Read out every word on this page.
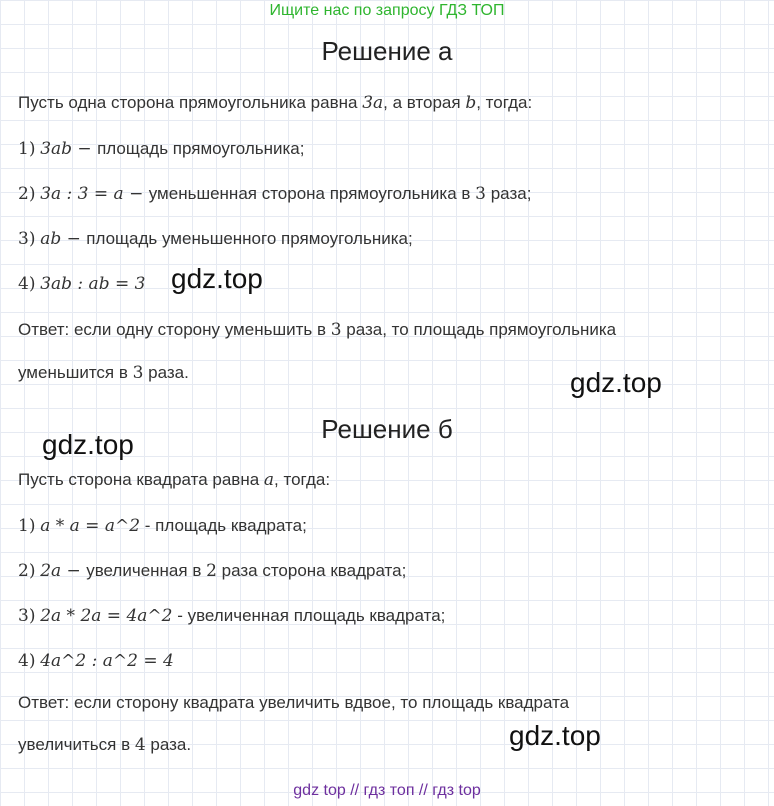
Ищите нас по запросу ГДЗ ТОП
Решение а
Пусть одна сторона прямоугольника равна 3a, а вторая b, тогда:
1) 3ab − площадь прямоугольника;
2) 3a : 3 = a − уменьшенная сторона прямоугольника в 3 раза;
3) ab − площадь уменьшенного прямоугольника;
4) 3ab : ab = 3
Ответ: если одну сторону уменьшить в 3 раза, то площадь прямоугольника
уменьшится в 3 раза.
Решение б
Пусть сторона квадрата равна a, тогда:
1) a * a = a^2 - площадь квадрата;
2) 2a − увеличенная в 2 раза сторона квадрата;
3) 2a * 2a = 4a^2 - увеличенная площадь квадрата;
4) 4a^2 : a^2 = 4
Ответ: если сторону квадрата увеличить вдвое, то площадь квадрата
увеличиться в 4 раза.
gdz.top
gdz.top
gdz.top
gdz.top
gdz top // гдз топ // гдз top
